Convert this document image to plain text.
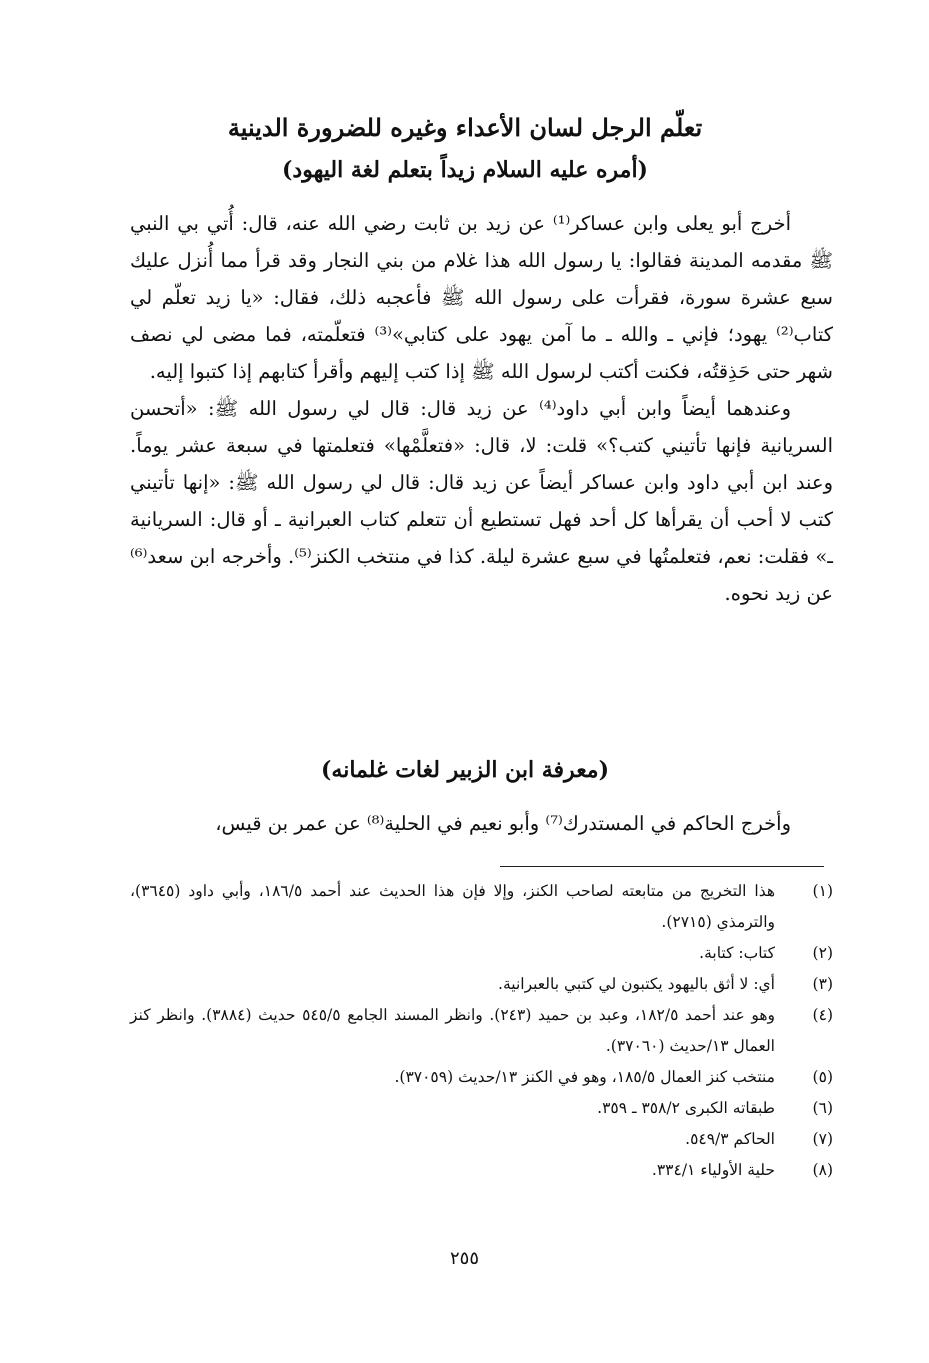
تعلّم الرجل لسان الأعداء وغيره للضرورة الدينية
(أمره عليه السلام زيداً بتعلم لغة اليهود)

أخرج أبو يعلى وابن عساكر⁽¹⁾ عن زيد بن ثابت رضي الله عنه، قال: أُتي بي النبي ﷺ مقدمه المدينة فقالوا: يا رسول الله هذا غلام من بني النجار وقد قرأ مما أُنزل عليك سبع عشرة سورة، فقرأت على رسول الله ﷺ فأعجبه ذلك، فقال: «يا زيد تعلّم لي كتاب⁽²⁾ يهود؛ فإني ـ والله ـ ما آمن يهود على كتابي»⁽³⁾ فتعلّمته، فما مضى لي نصف شهر حتى حَذِقتُه، فكنت أكتب لرسول الله ﷺ إذا كتب إليهم وأقرأ كتابهم إذا كتبوا إليه.

وعندهما أيضاً وابن أبي داود⁽⁴⁾ عن زيد قال: قال لي رسول الله ﷺ: «أتحسن السريانية فإنها تأتيني كتب؟» قلت: لا، قال: «فتعلَّمْها» فتعلمتها في سبعة عشر يوماً. وعند ابن أبي داود وابن عساكر أيضاً عن زيد قال: قال لي رسول الله ﷺ: «إنها تأتيني كتب لا أحب أن يقرأها كل أحد فهل تستطيع أن تتعلم كتاب العبرانية ـ أو قال: السريانية ـ» فقلت: نعم، فتعلمتُها في سبع عشرة ليلة. كذا في منتخب الكنز⁽⁵⁾. وأخرجه ابن سعد⁽⁶⁾ عن زيد نحوه.

(معرفة ابن الزبير لغات غلمانه)

وأخرج الحاكم في المستدرك⁽⁷⁾ وأبو نعيم في الحلية⁽⁸⁾ عن عمر بن قيس،

(١)
هذا التخريج من متابعته لصاحب الكنز، وإلا فإن هذا الحديث عند أحمد ١٨٦/٥، وأبي داود (٣٦٤٥)، والترمذي (٢٧١٥).
(٢)
كتاب: كتابة.
(٣)
أي: لا أثق باليهود يكتبون لي كتبي بالعبرانية.
(٤)
وهو عند أحمد ١٨٢/٥، وعبد بن حميد (٢٤٣). وانظر المسند الجامع ٥٤٥/٥ حديث (٣٨٨٤). وانظر كنز العمال ١٣/حديث (٣٧٠٦٠).
(٥)
منتخب كنز العمال ١٨٥/٥، وهو في الكنز ١٣/حديث (٣٧٠٥٩).
(٦)
طبقاته الكبرى ٣٥٨/٢ ـ ٣٥٩.
(٧)
الحاكم ٥٤٩/٣.
(٨)
حلية الأولياء ٣٣٤/١.
٢٥٥
